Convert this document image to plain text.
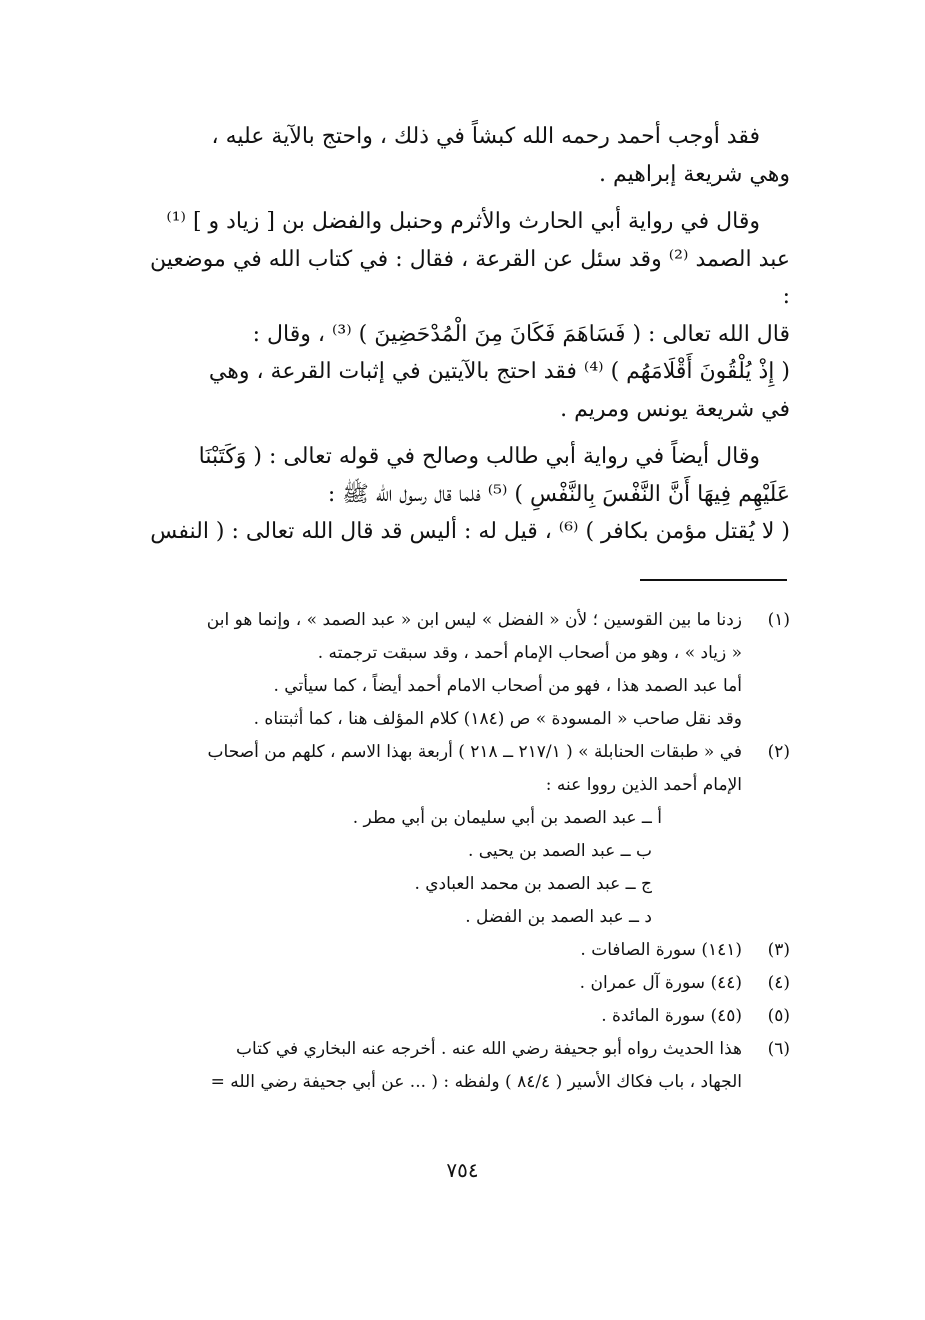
فقد أوجب أحمد رحمه الله كبشاً في ذلك ، واحتج بالآية عليه ،

وهي شريعة إبراهيم .

وقال في رواية أبي الحارث والأثرم وحنبل والفضل بن [ زياد و ] ⁽¹⁾

عبد الصمد ⁽²⁾ وقد سئل عن القرعة ، فقال : في كتاب الله في موضعين :

قال الله تعالى : ( فَسَاهَمَ فَكَانَ مِنَ الْمُدْحَضِينَ ) ⁽³⁾ ، وقال :

( إِذْ يُلْقُونَ أَقْلَامَهُم ) ⁽⁴⁾ فقد احتج بالآيتين في إثبات القرعة ، وهي

في شريعة يونس ومريم .

وقال أيضاً في رواية أبي طالب وصالح في قوله تعالى : ( وَكَتَبْنَا

عَلَيْهِم فِيهَا أَنَّ النَّفْسَ بِالنَّفْسِ ) ⁽⁵⁾ فلما قال رسول الله ﷺ :

( لا يُقتل مؤمن بكافر ) ⁽⁶⁾ ، قيل له : أليس قد قال الله تعالى : ( النفس

(١)
زدنا ما بين القوسين ؛ لأن « الفضل » ليس ابن « عبد الصمد » ، وإنما هو ابن
« زياد » ، وهو من أصحاب الإمام أحمد ، وقد سبقت ترجمته .
أما عبد الصمد هذا ، فهو من أصحاب الامام أحمد أيضاً ، كما سيأتي .
وقد نقل صاحب « المسودة » ص (١٨٤) كلام المؤلف هنا ، كما أثبتناه .
(٢)
في « طبقات الحنابلة » ( ٢١٧/١ ــ ٢١٨ ) أربعة بهذا الاسم ، كلهم من أصحاب
الإمام أحمد الذين رووا عنه :
أ ــ عبد الصمد بن أبي سليمان بن أبي مطر .
ب ــ عبد الصمد بن يحيى .
ج ــ عبد الصمد بن محمد العبادي .
د ــ عبد الصمد بن الفضل .
(٣)
(١٤١) سورة الصافات .
(٤)
(٤٤) سورة آل عمران .
(٥)
(٤٥) سورة المائدة .
(٦)
هذا الحديث رواه أبو جحيفة رضي الله عنه . أخرجه عنه البخاري في كتاب
الجهاد ، باب فكاك الأسير ( ٨٤/٤ ) ولفظه : ( ... عن أبي جحيفة رضي الله =
٧٥٤
